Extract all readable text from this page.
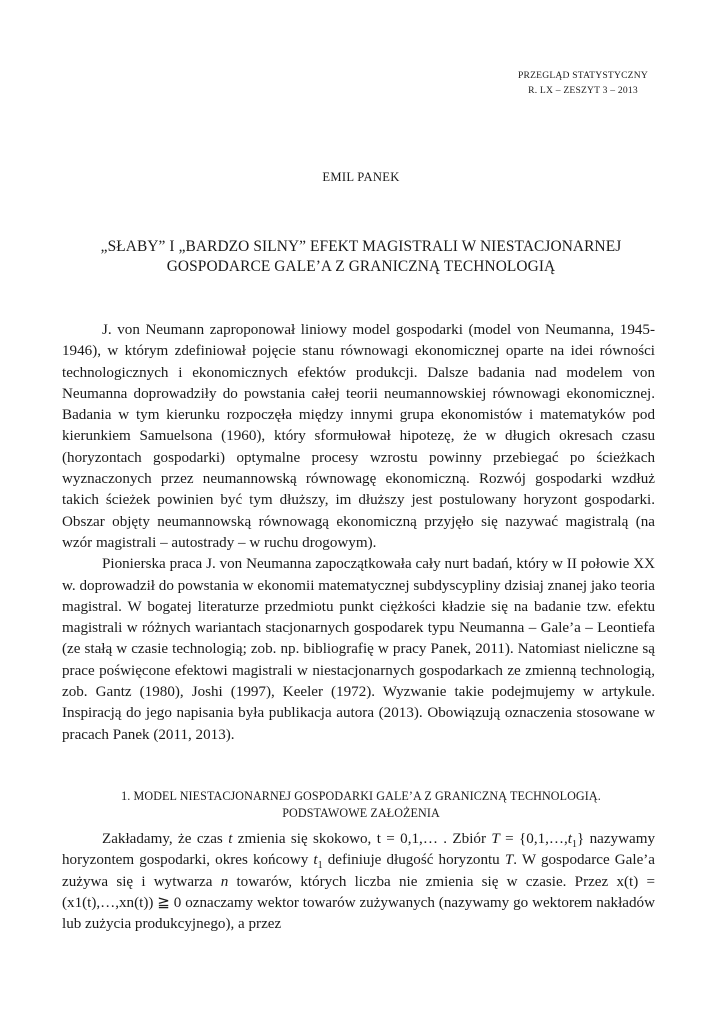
PRZEGLĄD STATYSTYCZNY
R. LX – ZESZYT 3 – 2013
EMIL PANEK
„SŁABY” I „BARDZO SILNY” EFEKT MAGISTRALI W NIESTACJONARNEJ
GOSPODARCE GALE’A Z GRANICZNĄ TECHNOLOGIĄ

J. von Neumann zaproponował liniowy model gospodarki (model von Neumanna, 1945-1946), w którym zdefiniował pojęcie stanu równowagi ekonomicznej oparte na idei równości technologicznych i ekonomicznych efektów produkcji. Dalsze badania nad modelem von Neumanna doprowadziły do powstania całej teorii neumannowskiej równowagi ekonomicznej. Badania w tym kierunku rozpoczęła między innymi grupa ekonomistów i matematyków pod kierunkiem Samuelsona (1960), który sformułował hipotezę, że w długich okresach czasu (horyzontach gospodarki) optymalne procesy wzrostu powinny przebiegać po ścieżkach wyznaczonych przez neumannowską równowagę ekonomiczną. Rozwój gospodarki wzdłuż takich ścieżek powinien być tym dłuższy, im dłuższy jest postulowany horyzont gospodarki. Obszar objęty neumannowską równowagą ekonomiczną przyjęło się nazywać magistralą (na wzór magistrali – autostrady – w ruchu drogowym).

Pionierska praca J. von Neumanna zapoczątkowała cały nurt badań, który w II połowie XX w. doprowadził do powstania w ekonomii matematycznej subdyscypliny dzisiaj znanej jako teoria magistral. W bogatej literaturze przedmiotu punkt ciężkości kładzie się na badanie tzw. efektu magistrali w różnych wariantach stacjonarnych gospodarek typu Neumanna – Gale’a – Leontiefa (ze stałą w czasie technologią; zob. np. bibliografię w pracy Panek, 2011). Natomiast nieliczne są prace poświęcone efektowi magistrali w niestacjonarnych gospodarkach ze zmienną technologią, zob. Gantz (1980), Joshi (1997), Keeler (1972). Wyzwanie takie podejmujemy w artykule. Inspiracją do jego napisania była publikacja autora (2013). Obowiązują oznaczenia stosowane w pracach Panek (2011, 2013).

1. MODEL NIESTACJONARNEJ GOSPODARKI GALE’A Z GRANICZNĄ TECHNOLOGIĄ.
PODSTAWOWE ZAŁOŻENIA

Zakładamy, że czas t zmienia się skokowo, t = 0,1,… . Zbiór $T = \{0,1,\dots,t_1\}$ nazywamy horyzontem gospodarki, okres końcowy $t_1$ definiuje długość horyzontu T. W gospodarce Gale’a zużywa się i wytwarza n towarów, których liczba nie zmienia się w czasie. Przez x(t) = (x1(t),…,xn(t)) ≧ 0 oznaczamy wektor towarów zużywanych (nazywamy go wektorem nakładów lub zużycia produkcyjnego), a przez
